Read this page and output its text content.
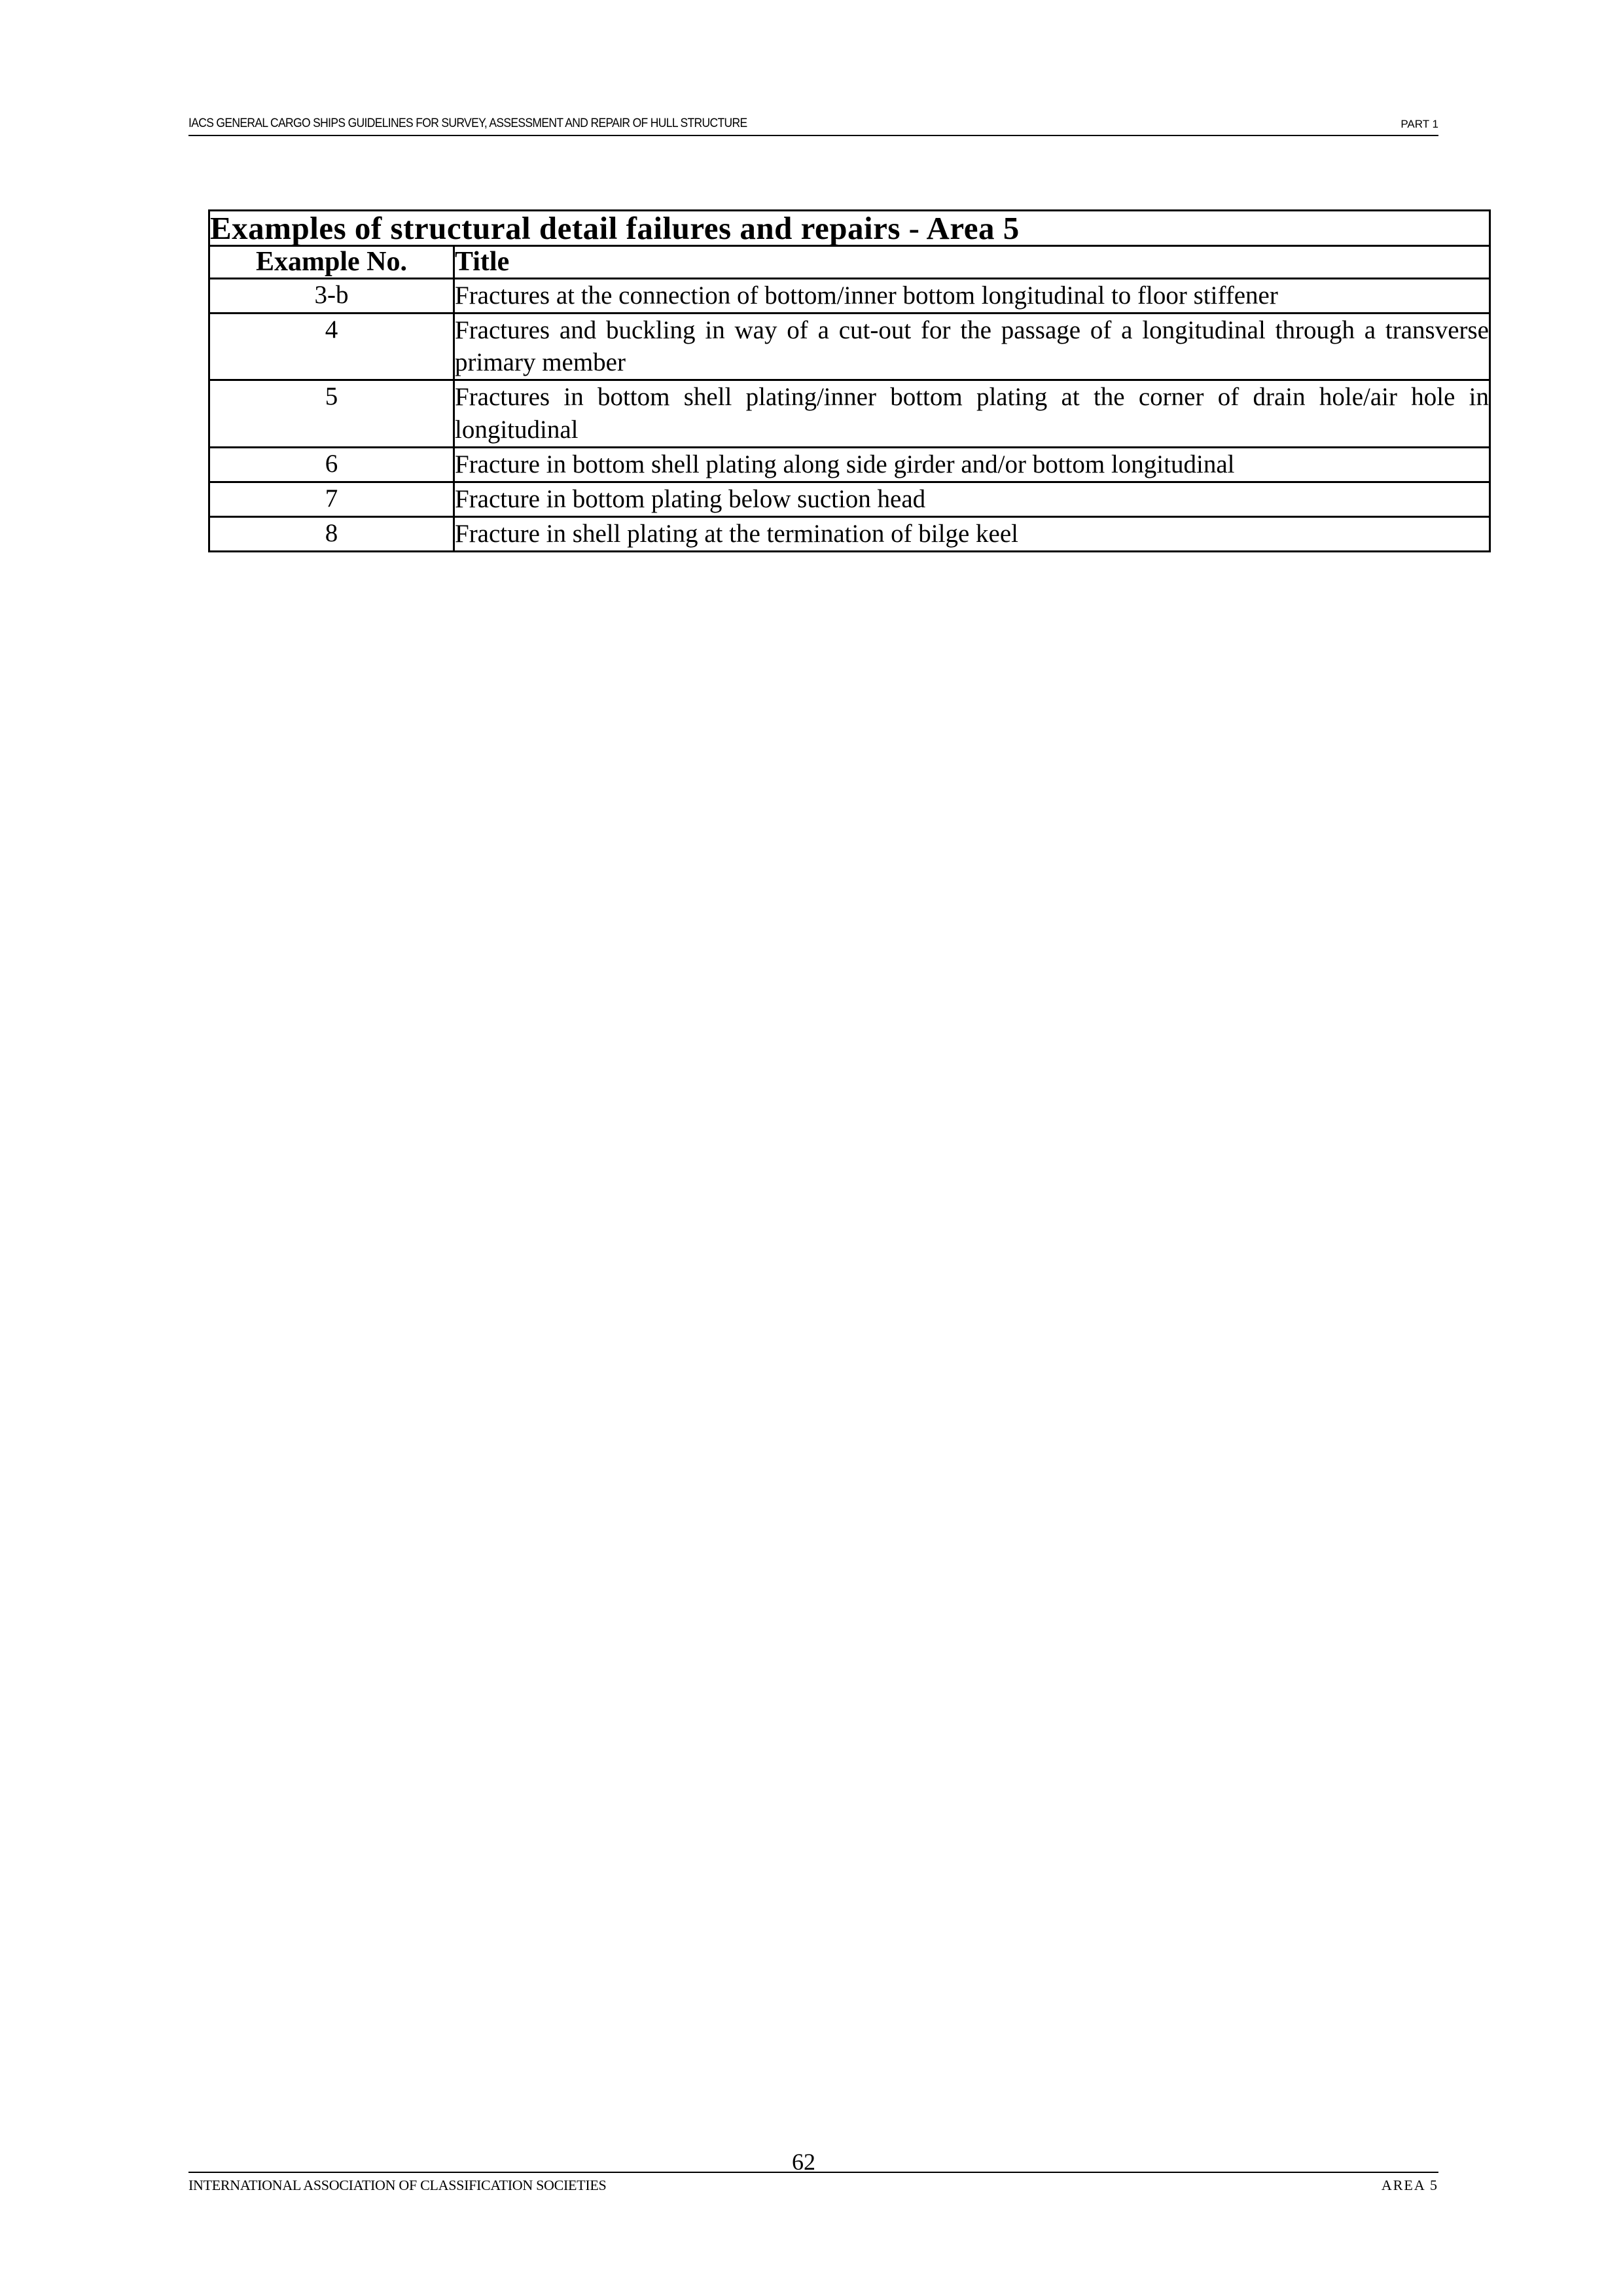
IACS GENERAL CARGO SHIPS GUIDELINES FOR SURVEY, ASSESSMENT AND REPAIR OF HULL STRUCTURE	PART 1
Examples of structural detail failures and repairs - Area 5	
Example No.	Title
3-b	Fractures at the connection of bottom/inner bottom longitudinal to floor stiffener
4	Fractures and buckling in way of a cut-out for the passage of a longitudinal through a transverse primary member
5	Fractures in bottom shell plating/inner bottom plating at the corner of drain hole/air hole in longitudinal
6	Fracture in bottom shell plating along side girder and/or bottom longitudinal
7	Fracture in bottom plating below suction head
8	Fracture in shell plating at the termination of bilge keel
62
INTERNATIONAL ASSOCIATION OF CLASSIFICATION SOCIETIES	AREA 5
